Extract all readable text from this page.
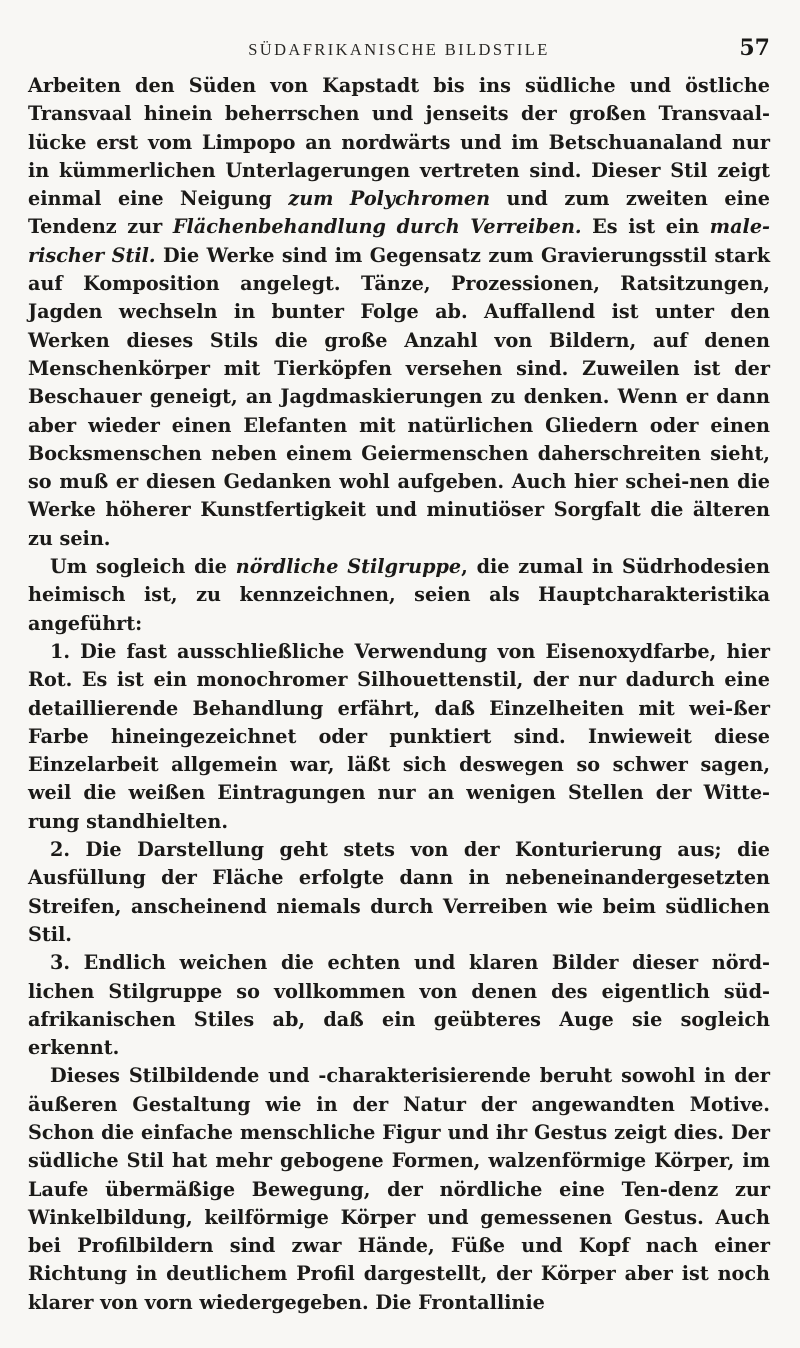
SÜDAFRIKANISCHE BILDSTILE	57

Arbeiten den Süden von Kapstadt bis ins südliche und östliche Transvaal hinein beherrschen und jenseits der großen Transvaal-lücke erst vom Limpopo an nordwärts und im Betschuanaland nur in kümmerlichen Unterlagerungen vertreten sind. Dieser Stil zeigt einmal eine Neigung zum Polychromen und zum zweiten eine Tendenz zur Flächenbehandlung durch Verreiben. Es ist ein male-rischer Stil. Die Werke sind im Gegensatz zum Gravierungsstil stark auf Komposition angelegt. Tänze, Prozessionen, Ratsitzungen, Jagden wechseln in bunter Folge ab. Auffallend ist unter den Werken dieses Stils die große Anzahl von Bildern, auf denen Menschenkörper mit Tierköpfen versehen sind. Zuweilen ist der Beschauer geneigt, an Jagdmaskierungen zu denken. Wenn er dann aber wieder einen Elefanten mit natürlichen Gliedern oder einen Bocksmenschen neben einem Geiermenschen daherschreiten sieht, so muß er diesen Gedanken wohl aufgeben. Auch hier schei-nen die Werke höherer Kunstfertigkeit und minutiöser Sorgfalt die älteren zu sein.

Um sogleich die nördliche Stilgruppe, die zumal in Südrhodesien heimisch ist, zu kennzeichnen, seien als Hauptcharakteristika angeführt:

1. Die fast ausschließliche Verwendung von Eisenoxydfarbe, hier Rot. Es ist ein monochromer Silhouettenstil, der nur dadurch eine detaillierende Behandlung erfährt, daß Einzelheiten mit wei-ßer Farbe hineingezeichnet oder punktiert sind. Inwieweit diese Einzelarbeit allgemein war, läßt sich deswegen so schwer sagen, weil die weißen Eintragungen nur an wenigen Stellen der Witte-rung standhielten.

2. Die Darstellung geht stets von der Konturierung aus; die Ausfüllung der Fläche erfolgte dann in nebeneinandergesetzten Streifen, anscheinend niemals durch Verreiben wie beim südlichen Stil.

3. Endlich weichen die echten und klaren Bilder dieser nörd-lichen Stilgruppe so vollkommen von denen des eigentlich süd-afrikanischen Stiles ab, daß ein geübteres Auge sie sogleich erkennt.

Dieses Stilbildende und -charakterisierende beruht sowohl in der äußeren Gestaltung wie in der Natur der angewandten Motive. Schon die einfache menschliche Figur und ihr Gestus zeigt dies. Der südliche Stil hat mehr gebogene Formen, walzenförmige Körper, im Laufe übermäßige Bewegung, der nördliche eine Ten-denz zur Winkelbildung, keilförmige Körper und gemessenen Gestus. Auch bei Profilbildern sind zwar Hände, Füße und Kopf nach einer Richtung in deutlichem Profil dargestellt, der Körper aber ist noch klarer von vorn wiedergegeben. Die Frontallinie
